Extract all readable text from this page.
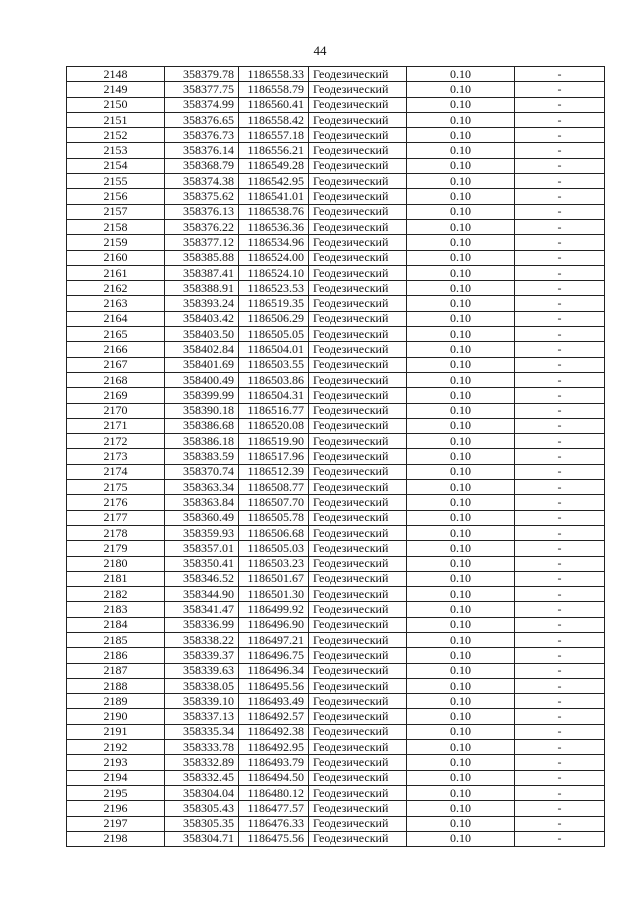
44
2148	358379.78	1186558.33	Геодезический	0.10	-
2149	358377.75	1186558.79	Геодезический	0.10	-
2150	358374.99	1186560.41	Геодезический	0.10	-
2151	358376.65	1186558.42	Геодезический	0.10	-
2152	358376.73	1186557.18	Геодезический	0.10	-
2153	358376.14	1186556.21	Геодезический	0.10	-
2154	358368.79	1186549.28	Геодезический	0.10	-
2155	358374.38	1186542.95	Геодезический	0.10	-
2156	358375.62	1186541.01	Геодезический	0.10	-
2157	358376.13	1186538.76	Геодезический	0.10	-
2158	358376.22	1186536.36	Геодезический	0.10	-
2159	358377.12	1186534.96	Геодезический	0.10	-
2160	358385.88	1186524.00	Геодезический	0.10	-
2161	358387.41	1186524.10	Геодезический	0.10	-
2162	358388.91	1186523.53	Геодезический	0.10	-
2163	358393.24	1186519.35	Геодезический	0.10	-
2164	358403.42	1186506.29	Геодезический	0.10	-
2165	358403.50	1186505.05	Геодезический	0.10	-
2166	358402.84	1186504.01	Геодезический	0.10	-
2167	358401.69	1186503.55	Геодезический	0.10	-
2168	358400.49	1186503.86	Геодезический	0.10	-
2169	358399.99	1186504.31	Геодезический	0.10	-
2170	358390.18	1186516.77	Геодезический	0.10	-
2171	358386.68	1186520.08	Геодезический	0.10	-
2172	358386.18	1186519.90	Геодезический	0.10	-
2173	358383.59	1186517.96	Геодезический	0.10	-
2174	358370.74	1186512.39	Геодезический	0.10	-
2175	358363.34	1186508.77	Геодезический	0.10	-
2176	358363.84	1186507.70	Геодезический	0.10	-
2177	358360.49	1186505.78	Геодезический	0.10	-
2178	358359.93	1186506.68	Геодезический	0.10	-
2179	358357.01	1186505.03	Геодезический	0.10	-
2180	358350.41	1186503.23	Геодезический	0.10	-
2181	358346.52	1186501.67	Геодезический	0.10	-
2182	358344.90	1186501.30	Геодезический	0.10	-
2183	358341.47	1186499.92	Геодезический	0.10	-
2184	358336.99	1186496.90	Геодезический	0.10	-
2185	358338.22	1186497.21	Геодезический	0.10	-
2186	358339.37	1186496.75	Геодезический	0.10	-
2187	358339.63	1186496.34	Геодезический	0.10	-
2188	358338.05	1186495.56	Геодезический	0.10	-
2189	358339.10	1186493.49	Геодезический	0.10	-
2190	358337.13	1186492.57	Геодезический	0.10	-
2191	358335.34	1186492.38	Геодезический	0.10	-
2192	358333.78	1186492.95	Геодезический	0.10	-
2193	358332.89	1186493.79	Геодезический	0.10	-
2194	358332.45	1186494.50	Геодезический	0.10	-
2195	358304.04	1186480.12	Геодезический	0.10	-
2196	358305.43	1186477.57	Геодезический	0.10	-
2197	358305.35	1186476.33	Геодезический	0.10	-
2198	358304.71	1186475.56	Геодезический	0.10	-
